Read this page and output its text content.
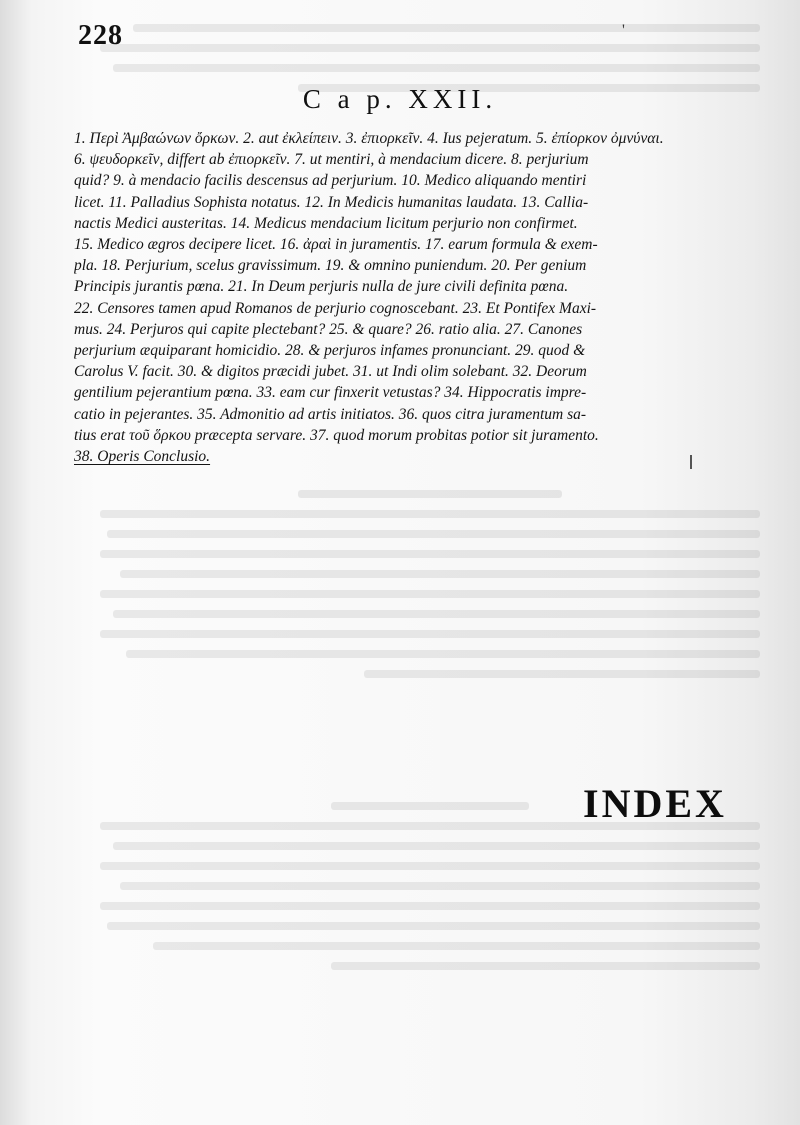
228	'
C a p. XXII.
1. Περὶ Ἀμβαώνων ὄρκων. 2. aut ἐκλείπειν. 3. ἐπιορκεῖν. 4. Ius pejeratum. 5. ἐπίορκον ὀμνύναι.
6. ψευδορκεῖν, differt ab ἐπιορκεῖν. 7. ut mentiri, à mendacium dicere. 8. perjurium
quid? 9. à mendacio facilis descensus ad perjurium. 10. Medico aliquando mentiri
licet. 11. Palladius Sophista notatus. 12. In Medicis humanitas laudata. 13. Callia-
nactis Medici austeritas. 14. Medicus mendacium licitum perjurio non confirmet.
15. Medico ægros decipere licet. 16. ἀραὶ in juramentis. 17. earum formula & exem-
pla. 18. Perjurium, scelus gravissimum. 19. & omnino puniendum. 20. Per genium
Principis jurantis pœna. 21. In Deum perjuris nulla de jure civili definita pœna.
22. Censores tamen apud Romanos de perjurio cognoscebant. 23. Et Pontifex Maxi-
mus. 24. Perjuros qui capite plectebant? 25. & quare? 26. ratio alia. 27. Canones
perjurium æquiparant homicidio. 28. & perjuros infames pronunciant. 29. quod &
Carolus V. facit. 30. & digitos præcidi jubet. 31. ut Indi olim solebant. 32. Deorum
gentilium pejerantium pœna. 33. eam cur finxerit vetustas? 34. Hippocratis impre-
catio in pejerantes. 35. Admonitio ad artis initiatos. 36. quos citra juramentum sa-
tius erat τοῦ ὅρκου præcepta servare. 37. quod morum probitas potior sit juramento.
38. Operis Conclusio.
INDEX
